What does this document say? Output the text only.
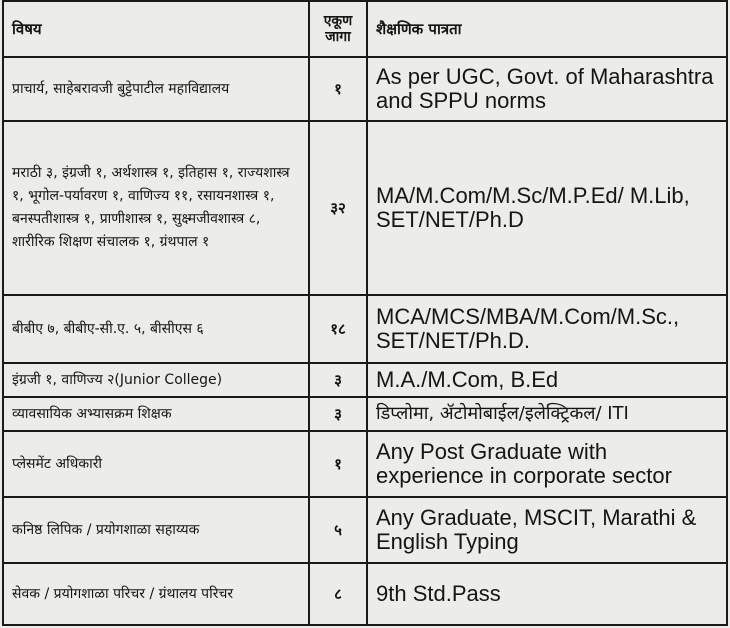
विषय	एकूण जागा	शैक्षणिक पात्रता
प्राचार्य, साहेबरावजी बुट्टेपाटील महाविद्यालय	१	As per UGC, Govt. of Maharashtra and SPPU norms
मराठी ३, इंग्रजी १, अर्थशास्त्र १, इतिहास १, राज्यशास्त्र १, भूगोल-पर्यावरण १, वाणिज्य ११, रसायनशास्त्र १, बनस्पतीशास्त्र १, प्राणीशास्त्र १, सुक्ष्मजीवशास्त्र ८, शारीरिक शिक्षण संचालक १, ग्रंथपाल १	३२	MA/M.Com/M.Sc/M.P.Ed/ M.Lib, SET/NET/Ph.D
बीबीए ७, बीबीए-सी.ए. ५, बीसीएस ६	१८	MCA/MCS/MBA/M.Com/M.Sc., SET/NET/Ph.D.
इंग्रजी १, वाणिज्य २(Junior College)	३	M.A./M.Com, B.Ed
व्यावसायिक अभ्यासक्रम शिक्षक	३	डिप्लोमा, ॲटोमोबाईल/इलेक्ट्रिकल/ ITI
प्लेसमेंट अधिकारी	१	Any Post Graduate with experience in corporate sector
कनिष्ठ लिपिक / प्रयोगशाळा सहाय्यक	५	Any Graduate, MSCIT, Marathi & English Typing
सेवक / प्रयोगशाळा परिचर / ग्रंथालय परिचर	८	9th Std.Pass
